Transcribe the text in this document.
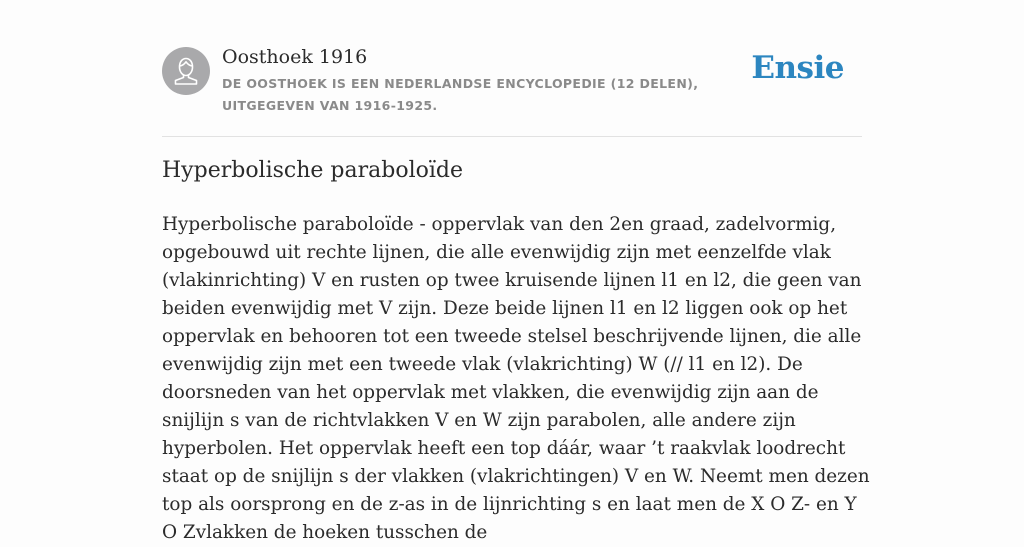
Oosthoek 1916
DE OOSTHOEK IS EEN NEDERLANDSE ENCYCLOPEDIE (12 DELEN), UITGEGEVEN VAN 1916-1925.
Ensie
Hyperbolische paraboloïde

Hyperbolische paraboloïde - oppervlak van den 2en graad, zadelvormig, opgebouwd uit rechte lijnen, die alle evenwijdig zijn met eenzelfde vlak (vlakinrichting) V en rusten op twee kruisende lijnen l1 en l2, die geen van beiden evenwijdig met V zijn. Deze beide lijnen l1 en l2 liggen ook op het oppervlak en behooren tot een tweede stelsel beschrijvende lijnen, die alle evenwijdig zijn met een tweede vlak (vlakrichting) W (// l1 en l2). De doorsneden van het oppervlak met vlakken, die evenwijdig zijn aan de snijlijn s van de richtvlakken V en W zijn parabolen, alle andere zijn hyperbolen. Het oppervlak heeft een top dáár, waar ’t raakvlak loodrecht staat op de snijlijn s der vlakken (vlakrichtingen) V en W. Neemt men dezen top als oorsprong en de z-as in de lijnrichting s en laat men de X O Z- en Y O Zvlakken de hoeken tusschen de
